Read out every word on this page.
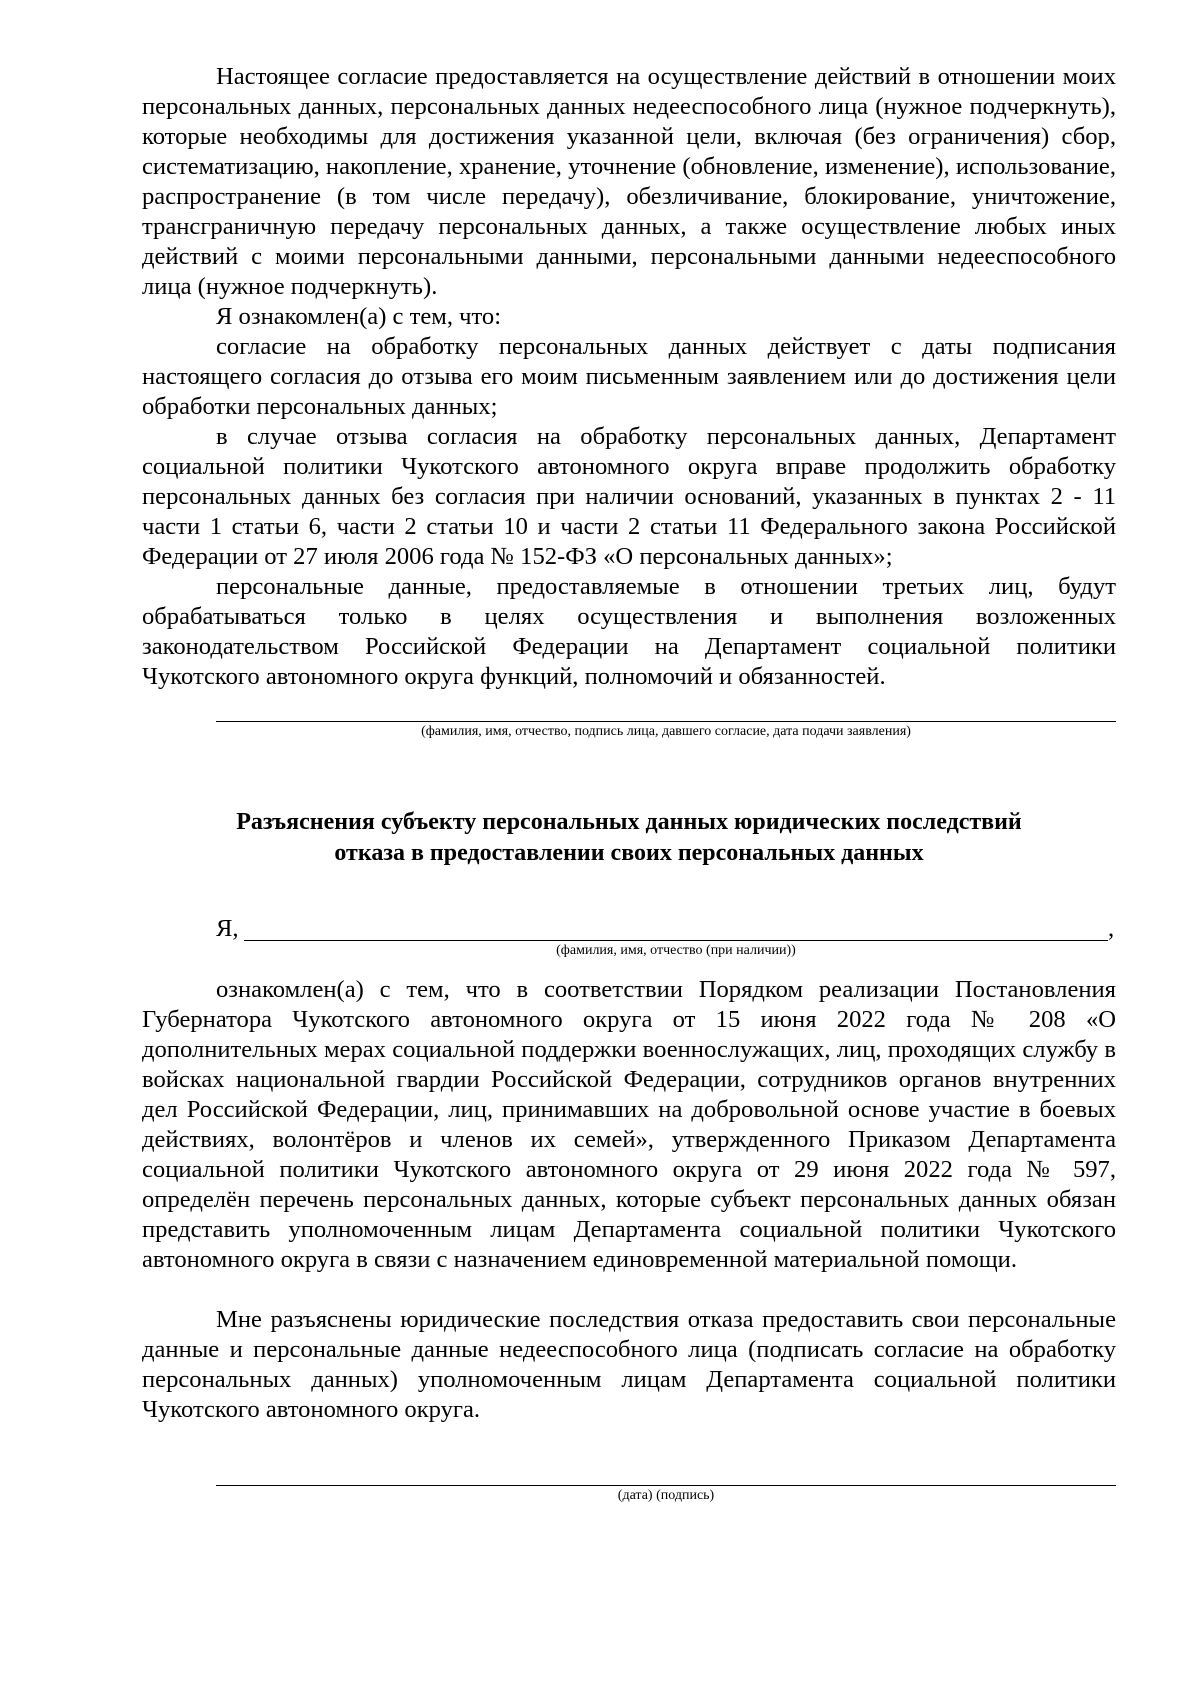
Настоящее согласие предоставляется на осуществление действий в отношении моих персональных данных, персональных данных недееспособного лица (нужное подчеркнуть), которые необходимы для достижения указанной цели, включая (без ограничения) сбор, систематизацию, накопление, хранение, уточнение (обновление, изменение), использование, распространение (в том числе передачу), обезличивание, блокирование, уничтожение, трансграничную передачу персональных данных, а также осуществление любых иных действий с моими персональными данными, персональными данными недееспособного лица (нужное подчеркнуть).

Я ознакомлен(а) с тем, что:

согласие на обработку персональных данных действует с даты подписания настоящего согласия до отзыва его моим письменным заявлением или до достижения цели обработки персональных данных;

в случае отзыва согласия на обработку персональных данных, Департамент социальной политики Чукотского автономного округа вправе продолжить обработку персональных данных без согласия при наличии оснований, указанных в пунктах 2 - 11 части 1 статьи 6, части 2 статьи 10 и части 2 статьи 11 Федерального закона Российской Федерации от 27 июля 2006 года № 152-ФЗ «О персональных данных»;

персональные данные, предоставляемые в отношении третьих лиц, будут обрабатываться только в целях осуществления и выполнения возложенных законодательством Российской Федерации на Департамент социальной политики Чукотского автономного округа функций, полномочий и обязанностей.

(фамилия, имя, отчество, подпись лица, давшего согласие, дата подачи заявления)
Разъяснения субъекту персональных данных юридических последствий
отказа в предоставлении своих персональных данных
Я,	,
(фамилия, имя, отчество (при наличии))

ознакомлен(а) с тем, что в соответствии Порядком реализации Постановления Губернатора Чукотского автономного округа от 15 июня 2022 года № 208 «О дополнительных мерах социальной поддержки военнослужащих, лиц, проходящих службу в войсках национальной гвардии Российской Федерации, сотрудников органов внутренних дел Российской Федерации, лиц, принимавших на добровольной основе участие в боевых действиях, волонтёров и членов их семей», утвержденного Приказом Департамента социальной политики Чукотского автономного округа от 29 июня 2022 года № 597, определён перечень персональных данных, которые субъект персональных данных обязан представить уполномоченным лицам Департамента социальной политики Чукотского автономного округа в связи с назначением единовременной материальной помощи.

Мне разъяснены юридические последствия отказа предоставить свои персональные данные и персональные данные недееспособного лица (подписать согласие на обработку персональных данных) уполномоченным лицам Департамента социальной политики Чукотского автономного округа.

(дата) (подпись)
